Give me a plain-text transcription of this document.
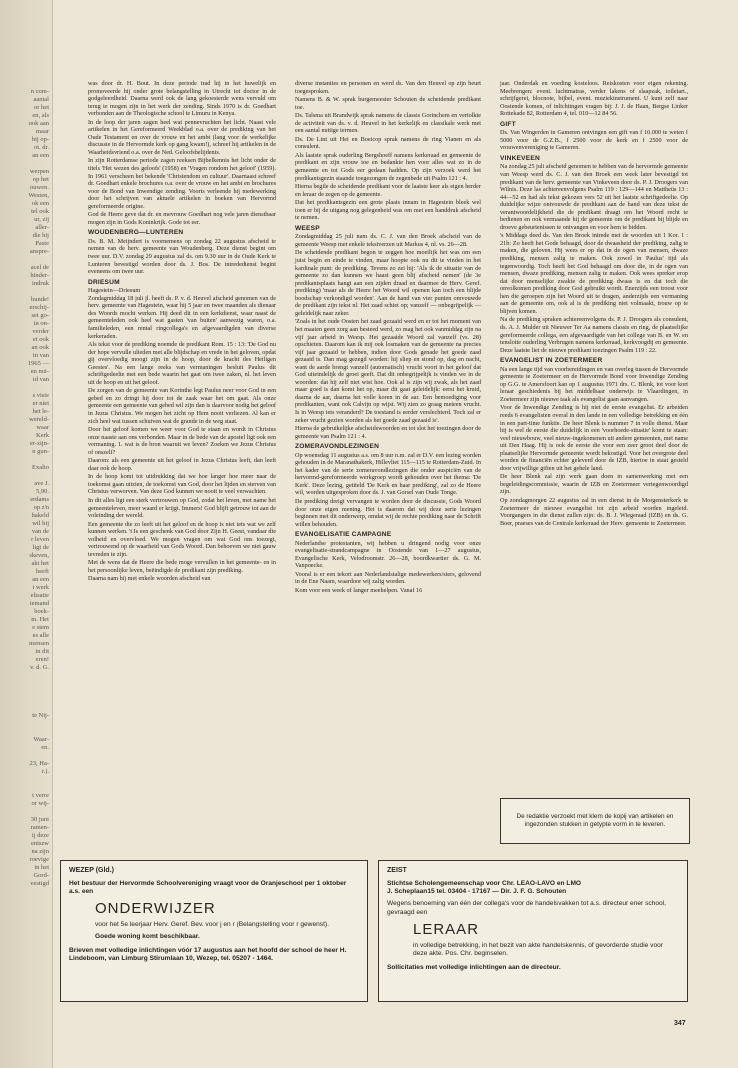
n com-
aantal
or het
en, als
ook aan
maar
bij op-
ot. dr.
an een
werpen
op het
ouwen.
Westen,
ok een
tel ook
ur, zij
aller-
die hij
Paste
anspre-
acel de
hinder-
indruk
bunde!
erschij-
set go-
in on-
verder
et ook
an ook
in van
1965 —
en nui-
id van
s visie
er niet
het le-
wereld-
waar
Kerk
er-zijn-
n gun-
Exalto
ave J.
5,90.
erdams
op z'n
hakeld
wil hij
van de
r leven
ligt de
skeven,
akt het
heeft
an een
t werk
elisatie
iemand
boek-
m. Het
e stem
es alle
mensen
in dit
eren!
v. d. G.
te Nij-
Waar-
en.
23, Ha-
r.).
t verre
or wij-
30 juni
ramen-
ij deze
eniszw
na zijn
roevige
in het
Gord-
vestigd

was door dr. H. Bout. In deze periode trad hij in het huwelijk en promoveerde hij onder grote belangstelling in Utrecht tot doctor in de godgeleerdheid. Daarna werd ook de lang gekoesterde wens vervuld om terug te mogen zijn in het werk der zending. Sinds 1970 is dr. Goedhart verbonden aan de Theologische school te Limuru in Kenya.

In de loop der jaren zagen heel wat pennevruchten het licht. Naast vele artikelen in het Gereformeerd Weekblad o.a. over de prediking van het Oude Testament en over de vrouw en het ambt (lang voor de werkelijke discussie in de Hervormde kerk op gang kwam!), schreef hij artikelen in de Waarheidsvriend o.a. over de Ned. Geloofsbelijdenis.

In zijn Rotterdamse periode zagen reeksen Bijbelkennis het licht onder de titels 'Het wezen des geloofs' (1958) en 'Vragen rondom het geloof' (1959). In 1961 verscheen het bekende 'Christendom en cultuur'. Daarnaast schreef dr. Goedhart enkele brochures o.a. over de vrouw en het ambt en brochures voor de Bond van Inwendige zending. Voorts verleende hij medewerking door het schrijven van aktuele artikelen in boeken van Hervormd gereformeerde origine.

God de Heere geve dat dr. en mevrouw Goedhart nog vele jaren dienstbaar mogen zijn in Gods Koninkrijk. Gode tot eer.

WOUDENBERG—LUNTEREN

Ds. B. M. Meijndert is voornemens op zondag 22 augustus afscheid te nemen van de herv. gemeente van Woudenberg. Deze dienst begint om twee uur. D.V. zondag 29 augustus zal ds. om 9.30 uur in de Oude Kerk te Lunteren bevestigd worden door ds. J. Bos. De intrededienst begint eveneens om twee uur.

DRIESUM

Hagestein—Driesum

Zondagmiddag 18 juli jl. heeft ds. P. v. d. Heuvel afscheid genomen van de herv. gemeente van Hagestein, waar hij 5 jaar en twee maanden als dienaar des Woords mocht werken. Hij deed dit in een kerkdienst, waar naast de gemeenteleden ook heel wat gasten 'van buiten' aanwezig waren, o.a. familieleden, een rental ringcollega's en afgevaardigden van diverse kerkeraden.

Als tekst voor de prediking noemde de predikant Rom. 15 : 13: 'De God nu der hope vervulle ulieden met alle blijdschap en vrede in het geloven, opdat gij overvloedig moogt zijn in de hoop, door de kracht des Heiligen Geestes'. Na een lange reeks van vermaningen besluit Paulus dit schriftgedeelte met een bede waarin het gaat om twee zaken, nl. het leven uit de hoop en uit het geloof.

De zorgen van de gemeente van Korinthe legt Paulus neer voor God in een gebed en zo dringt hij door tot de zaak waar het om gaat. Als onze gemeente een gemeente van gebed wil zijn dan is daarvoor nodig het geloof in Jezus Christus. We mogen het zicht op Hem nooit verliezen. Al kan er zich heel wat tussen schuiven wat de grande in de weg staat.

Door het geloof komen we weer voor God te staan en wordt in Christus onze naaste aan ons verbonden. Maar in de bede van de apostel ligt ook een vermaning. 1. wat is de bron waaruit we leven? Zoeken we Jezus Christus of onszelf?

Daarom: als een gemeente uit het geloof in Jezus Christus leeft, dan leeft daar ook de hoop.

In de hoop komt tot uitdrukking dat we hoe langer hoe meer naar de toekomst gaan uitzien, de toekomst van God, door het lijden en sterven van Christus verworven. Van deze God kunnen we nooit te veel verwachten.

In dit alles ligt een sterk vertrouwen op God, zodat het leven, met name het gemeenteleven, meer waard er krijgt. Immers! God blijft getrouw tot aan de voleinding der wereld.

Een gemeente die zo leeft uit het geloof en de hoop is niet iets wat we zelf kunnen werken. 't Is een geschenk van God door Zijn H. Geest, vandaar die volheid en overvloed. We mogen vragen om wat God ons toezegt, vertrouwend op de waarheid van Gods Woord. Dan behoeven we niet gauw tevreden te zijn.

Met de wens dat de Heere die bede moge vervullen in het gemeente- en in het persoonlijke leven, beëindigde de predikant zijn prediking.

Daarna nam hij met enkele woorden afscheid van

diverse instanties en personen en werd ds. Van den Heuvel op zijn beurt toegesproken.

Namens B. & W. sprak burgemeester Schouten de scheidende predikant toe.

Ds. Talsma uit Brandwijk sprak namens de classis Gorinchem en vertolkte de activiteit van ds. v. d. Heuvel in het kerkelijk en classikale werk met een aantal nuttige termen.

Ds. De Lint uit Hei en Boeicop sprak namens de ring Vianen en als consulent.

Als laatste sprak ouderling Bergshoeff namens kerkeraad en gemeente de predikant en zijn vrouw toe en bedankte hen voor alles wat zo in de gemeente en tot Gods eer gedaan hadden. Op zijn verzoek werd het predikantsgezin staande toegezongen de zegenbede uit Psalm 121 : 4.

Hierna begile de scheidende predikant voor de laatste keer als eigen herder en leraar de zegen op de gemeente.

Dat het predikantsgezin een grote plaats innam in Hagestein bleek wel toen er bij de uitgang nog gelegenheid was om met een handdruk afscheid te nemen.

WEESP

Zondagmiddag 25 juli nam ds. C. J. van den Broek afscheid van de gemeente Weesp met enkele tekstverzen uit Markus 4, nl. vs. 26—28.

De scheidende predikant begon te zeggen hoe moeilijk het was om een juist begin en einde te vinden, maar hoopte ook nu dit te vinden in het kardinale punt: de prediking. Tevens zo zei hij: 'Als ik de situatie van de gemeente zo dan kunnen we haast geen blij afscheid nemen' (de 3e predikantsplaats hangt aan een zijden draad en daarmee de Herv. Geref. prediking) 'maar als de Heere het Woord wil openen kan toch een blijde boodschap verkondigd worden'. Aan de hand van vier punten omvouwde de predikant zijn tekst nl. Het zaad schiet op; vanzelf — onbegrijpelijk — geleidelijk naar zeker.

'Zoals in het oude Oosten het zaad gezaaid werd en er tot het moment van het maaien geen zorg aan besteed werd, zo mag het ook vanmiddag zijn na vijf jaar arbeid in Weesp. Het gezaaide Woord zal vanzelf (vs. 28) opschieten. Daarom kan ik mij ook losmaken van de gemeente na precies vijf jaar gezaaid te hebben, indien door Gods genade het goede zaad gezaaid is. Dan mag gezegd worden: hij sliep en stond op, dag en nacht, want de aarde brengt vanzelf (automatisch) vrucht voort in het geloof dat God uiteindelijk de groei geeft. Dat dit onbegrijpelijk is vinden we in de woorden: dat hij zelf niet wist hoe. Ook al is zijn wij zwak, als het zaad maar goed is dan komt het op, maar dit gaat geleidelijk: eerst het kruid, daarna de aar, daarna het volle koren in de aar. Een bemoediging voor predikanten, want ook Calvijn op wijst. Wij zien zo graag meteen vrucht. Is in Weesp iets veranderd? De toestand is eerder verslechterd. Toch zal er zeker vrucht gezien worden als het goede zaad gezaaid is'.

Hierna de gebruikelijke afscheidswoorden en tot slot het toezingen door de gemeente van Psalm 121 : 4.

ZOMERAVONDLEZINGEN

Op woensdag 11 augustus a.s. om 8 uur n.m. zal er D.V. een lezing worden gehouden in de Maranathakerk, Hillevliet 115—115 te Rotterdam-Zuid. In het kader van de serie zomeravondlezingen die onder auspiciën van de hervormd-gereformeerde werkgroep wordt gehouden over het thema: 'De Kerk'. Deze lezing, getiteld 'De Kerk en haar prediking', zal zo de Heere wil, worden uitgesproken door ds. J. van Gorsel van Oude Tonge.

De prediking dreigt vervangen te worden door de discussie, Gods Woord door onze eigen mening. Het is daarom dat wij deze serie lezingen beginnen met dit onderwerp, omdat wij de rechte prediking naar de Schrift willen behouden.

EVANGELISATIE CAMPAGNE

Nederlandse protestanten, wij hebben u dringend nodig voor onze evangelisatie-strandcampagne in Oostende van 1—27 augustus, Evangelische Kerk, Velodroomstr. 26—28, boordkwartier ds. G. M. Vanpoecke.

Vooral is er een tekort aan Nederlandstalige medewerkers/sters, gelovend in de Ene Naam, waardoor wij zalig worden.

Kom voor een week of langer meehelpen. Vanaf 16

jaar. Onderdak en voeding kosteloos. Reiskosten voor eigen rekening. Meebrengen: event. luchtmatras, verder lakens of slaapzak, toiletart., schrijfgerei, blocnote, bijbel, event. muziekinstrument. U kunt zelf naar Oostende komen, of inlichtingen vragen bij: J. J. de Haan, Bergse Linker Rottekade 82, Rotterdam 4, tel. 010—12 84 56.

GIFT

Ds. Van Wingerden in Gameren ontvingen een gift van f 10.000 te weten f 5000 voor de G.Z.B., f 2500 voor de kerk en f 2500 voor de vrouwenvereniging te Gameren.

VINKEVEEN

Na zondag 25 juli afscheid genomen te hebben van de hervormde gemeente van Weesp werd ds. C. J. van den Broek een week later bevestigd tot predikant van de herv. gemeente van Vinkeveen door ds. P. J. Droogers van Wilnis. Deze las achtereenvolgens Psalm 119 : 129—144 en Mattheüs 13 : 44—52 en had als tekst gekozen vers 52 uit het laatste schriftgedeelte. Op duidelijke wijze ontvouwde de predikant aan de hand van deze tekst de verantwoordelijkheid die de predikant draagt om het Woord recht te bedienen en ook vermaande hij de gemeente om de predikant bij blijde en droeve gebeurtenissen te ontvangen en voor hem te bidden.

's Middags deed ds. Van den Broek intrede met de woorden uit 1 Kor. 1 : 21b: Zo heeft het Gode behaagd, door de dwaasheid der prediking, zalig te maken, die geloven. Hij wees er op dat in de ogen van mensen, dwaze prediking, mensen zalig te maken. Ook zowel in Paulus' tijd als tegenwoordig. Toch heeft het God behaagd om door die, in de ogen van mensen, dwaze prediking, mensen zalig te maken. Ook wees spreker erop dat door menselijke zwakte de prediking dwaas is en dat toch die onvolkomen prediking door God gebruikt wordt. Enerzijds een troost voor hen die geroepen zijn het Woord uit te dragen, anderzijds een vermaning aan de gemeente om, ook al is de prediking niet volmaakt, trouw op te blijven komen.

Na de prediking spraken achtereenvolgens ds. P. J. Droogers als consulent, ds. A. J. Mulder uit Nieuwer Ter Aa namens classis en ring, de plaatselijke gereformeerde collega, een afgevaardigde van het college van B. en W. en tenslotte ouderling Verbrugen namens kerkeraad, kerkvoogdij en gemeente. Deze laatste liet de nieuwe predikant toezingen Psalm 119 : 22.

EVANGELIST IN ZOETERMEER

Na een lange tijd van voorbereidingen en van overleg tussen de Hervormde gemeente te Zoetermeer en de Hervormde Bond voor Inwendige Zending op G.G. te Amersfoort kan op 1 augustus 1971 drs. C. Blenk, tot voor kort leraar geschiedenis bij het middelbaar onderwijs te Vlaardingen, in Zoetermeer zijn nieuwe taak als evangelist gaan aanvangen.

Voor de Inwendige Zending is hij niet de eerste evangelist. Er arbeiden reeds 6 evangelisten overal in den lande in een volledige betrekking en één in een part-time funktie. De heer Blenk is nummer 7 in volle dienst. Maar hij is wel de eerste die duidelijk in een 'voorhoede-situatie' komt te staan: veel nieuwbouw, veel nieuw-ingekomenen uit andere gemeenten, met name uit Den Haag. Hij is ook de eerste die voor een zeer groot deel door de plaatselijke Hervormde gemeente wordt bekostigd. Voor het overgrote deel worden de financiën echter geleverd door de IZB, hiertoe in staat gesteld door vrijwillige giften uit het gehele land.

De heer Blenk zal zijn werk gaan doen in samenwerking met een begeleidingscommissie, waarin de IZB en Zoetermeer vertegenwoordigd zijn.

Op zondagmorgen 22 augustus zal in een dienst in de Morgensterkerk te Zoetermeer de nieuwe evangelist tot zijn arbeid worden ingeleid. Voorgangers in die dienst zullen zijn: ds. B. J. Wiegeraad (IZB) en ds. G. Boer, praeses van de Centrale kerkeraad der Herv. gemeente te Zoetermeer.

De redaktie verzoekt met klem de kopij van artikelen en ingezonden stukken in getypte vorm in te leveren.
WEZEP (Gld.)
Het bestuur der Hervormde Schoolvereniging vraagt voor de Oranjeschool per 1 oktober a.s. een
ONDERWIJZER
voor het 5e leerjaar Herv. Geref. Bev. voor j en r (Belangstelling voor r gewenst).
Goede woning komt beschikbaar.
Brieven met volledige inlichtingen vóór 17 augustus aan het hoofd der school de heer H. Lindeboom, van Limburg Stirumlaan 10, Wezep, tel. 05207 - 1464.
ZEIST
Stichtse Scholengemeenschap voor Chr. LEAO-LAVO en LMO
J. Scheplaan15 tel. 03404 - 17167 — Dir. J. F. G. Schouten
Wegens benoeming van één der collega's voor de handelsvakken tot a.s. directeur ener school, gevraagd een
LERAAR
in volledige betrekking, in het bezit van akte handelskennis, of gevorderde studie voor deze akte. Pos. Chr. beginselen.
Sollicitaties met volledige inlichtingen aan de directeur.
347
